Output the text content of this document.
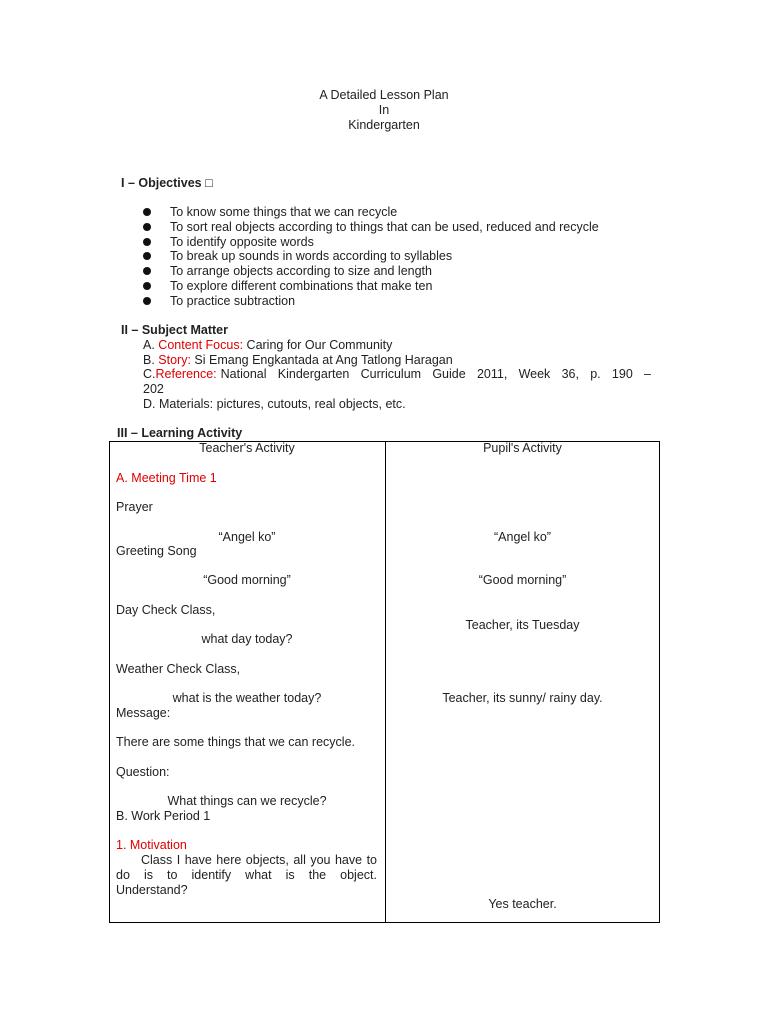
A Detailed Lesson Plan
In
Kindergarten
I – Objectives □
To know some things that we can recycle
To sort real objects according to things that can be used, reduced and recycle
To identify opposite words
To break up sounds in words according to syllables
To arrange objects according to size and length
To explore different combinations that make ten
To practice subtraction
II – Subject Matter
A. Content Focus: Caring for Our Community
B. Story: Si Emang Engkantada at Ang Tatlong Haragan
C. Reference: National Kindergarten Curriculum Guide 2011, Week 36, p. 190 –
202
D. Materials: pictures, cutouts, real objects, etc.
III – Learning Activity
Teacher's Activity
A. Meeting Time 1
Prayer
“Angel ko”
Greeting Song
“Good morning”
Day Check Class,
what day today?
Weather Check Class,
what is the weather today?
Message:
There are some things that we can recycle.
Question:
What things can we recycle?
B. Work Period 1
1. Motivation
Class I have here objects, all you have to do is to identify what is the object. Understand?
Pupil's Activity
“Angel ko”
“Good morning”
Teacher, its Tuesday
Teacher, its sunny/ rainy day.
Yes teacher.
